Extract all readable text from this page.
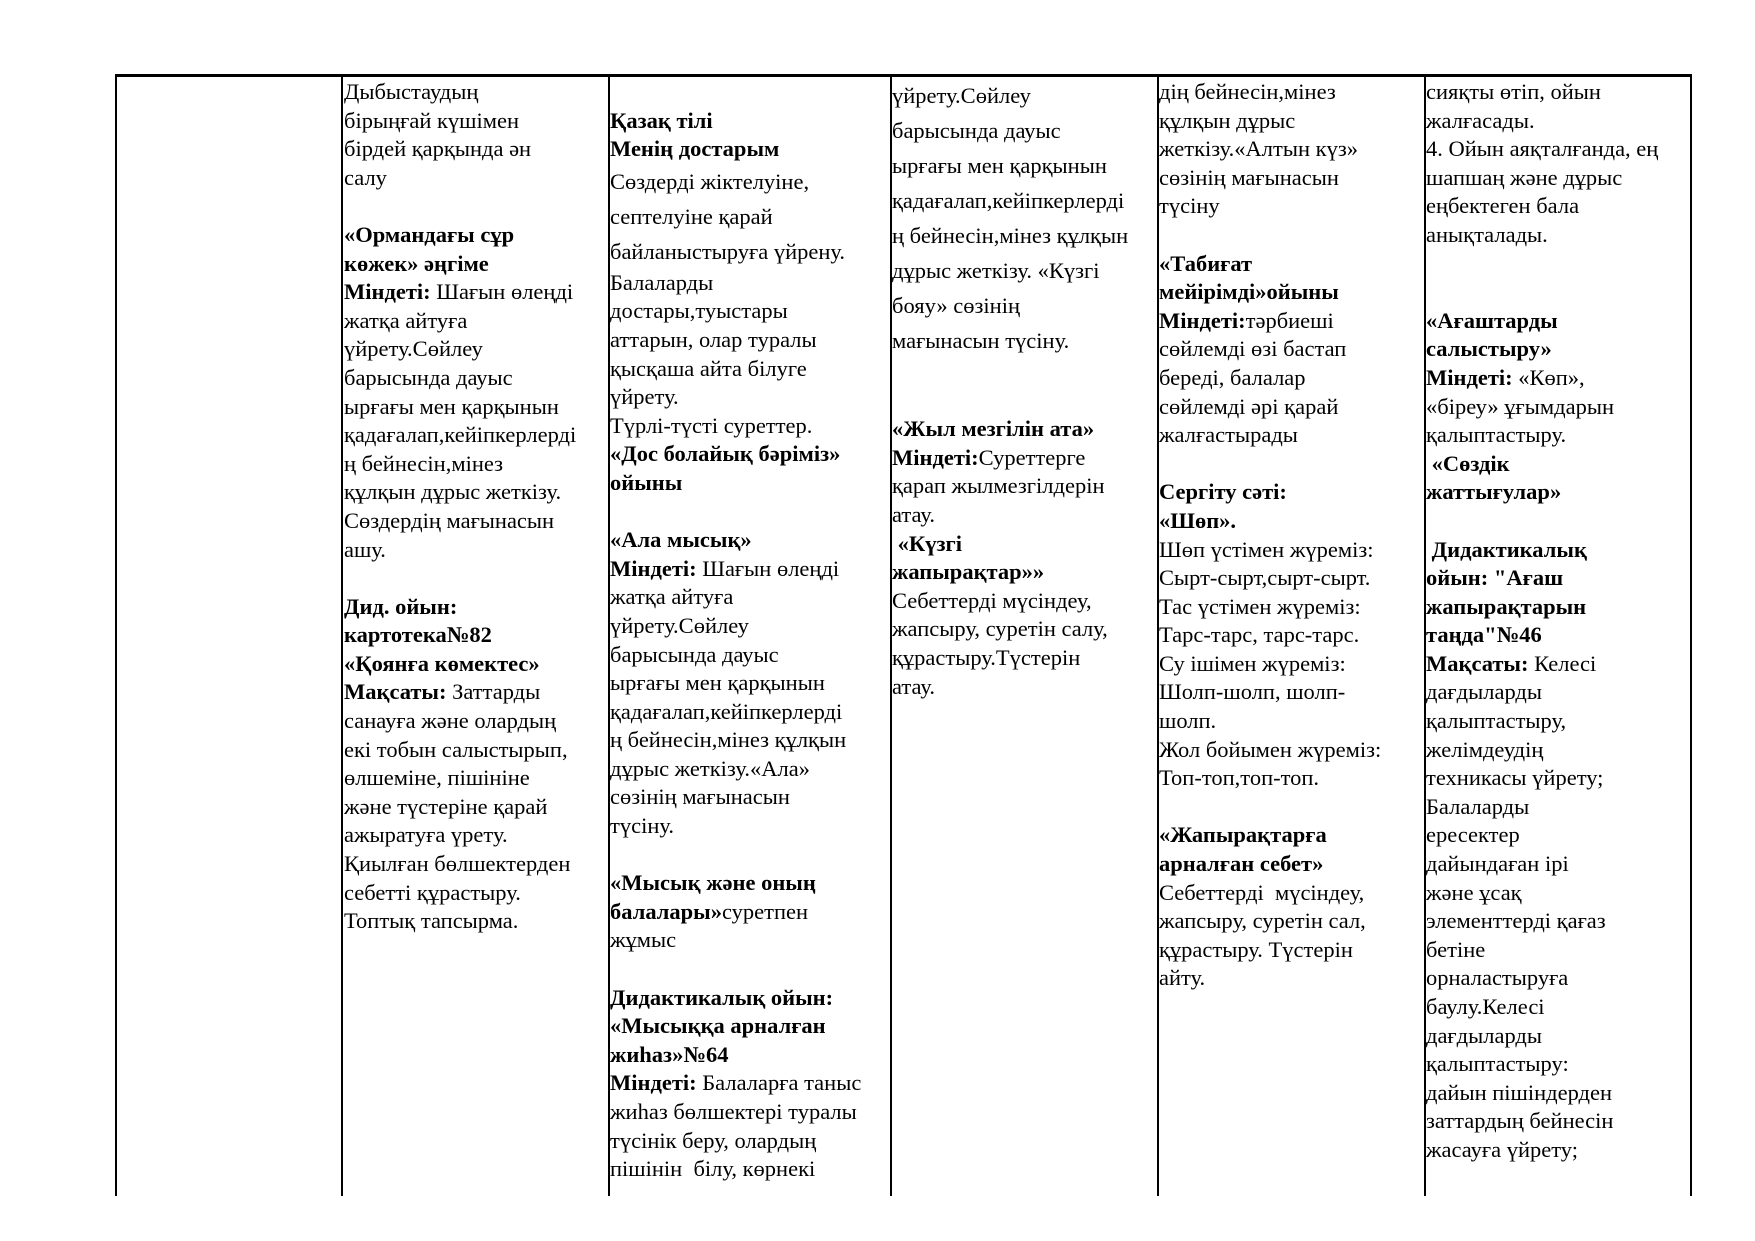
Дыбыстаудың
бірыңғай күшімен
бірдей қарқында ән
салу
«Ормандағы сұр
көжек» әңгіме
Міндеті: Шағын өлеңді
жатқа айтуға
үйрету.Сөйлеу
барысында дауыс
ырғағы мен қарқынын
қадағалап,кейіпкерлерді
ң бейнесін,мінез
құлқын дұрыс жеткізу.
Сөздердің мағынасын
ашу.
Дид. ойын:
картотека№82
«Қоянға көмектес»
Мақсаты: Заттарды
санауға және олардың
екі тобын салыстырып,
өлшеміне, пішініне
және түстеріне қарай
ажыратуға үрету.
Қиылған бөлшектерден
себетті құрастыру.
Топтық тапсырма.
Қазақ тілі
Менің достарым
Сөздерді жіктелуіне,
септелуіне қарай
байланыстыруға үйрену.
Балаларды
достары,туыстары
аттарын, олар туралы
қысқаша айта білуге
үйрету.
Түрлі-түсті суреттер.
«Дос болайық бәріміз»
ойыны
«Ала мысық»
Міндеті: Шағын өлеңді
жатқа айтуға
үйрету.Сөйлеу
барысында дауыс
ырғағы мен қарқынын
қадағалап,кейіпкерлерді
ң бейнесін,мінез құлқын
дұрыс жеткізу.«Ала»
сөзінің мағынасын
түсіну.
«Мысық және оның
балалары»суретпен
жұмыс
Дидактикалық ойын:
«Мысыққа арналған
жиһаз»№64
Міндеті: Балаларға таныс
жиһаз бөлшектері туралы
түсінік беру, олардың
пішінін  білу, көрнекі
үйрету.Сөйлеу
барысында дауыс
ырғағы мен қарқынын
қадағалап,кейіпкерлерді
ң бейнесін,мінез құлқын
дұрыс жеткізу. «Күзгі
бояу» сөзінің
мағынасын түсіну.
«Жыл мезгілін ата»
Міндеті:Суреттерге
қарап жылмезгілдерін
атау.
«Күзгі
жапырақтар»»
Себеттерді мүсіндеу,
жапсыру, суретін салу,
құрастыру.Түстерін
атау.
дің бейнесін,мінез
құлқын дұрыс
жеткізу.«Алтын күз»
сөзінің мағынасын
түсіну
«Табиғат
мейірімді»ойыны
Міндеті:тәрбиеші
сөйлемді өзі бастап
береді, балалар
сөйлемді әрі қарай
жалғастырады
Сергіту сәті:
«Шөп».
Шөп үстімен жүреміз:
Сырт-сырт,сырт-сырт.
Тас үстімен жүреміз:
Тарс-тарс, тарс-тарс.
Су ішімен жүреміз:
Шолп-шолп, шолп-
шолп.
Жол бойымен жүреміз:
Топ-топ,топ-топ.
«Жапырақтарға
арналған себет»
Себеттерді  мүсіндеу,
жапсыру, суретін сал,
құрастыру. Түстерін
айту.
сияқты өтіп, ойын
жалғасады.
4. Ойын аяқталғанда, ең
шапшаң және дұрыс
еңбектеген бала
анықталады.
«Ағаштарды
салыстыру»
Міндеті: «Көп»,
«біреу» ұғымдарын
қалыптастыру.
«Сөздік
жаттығулар»
Дидактикалық
ойын: "Ағаш
жапырақтарын
таңда"№46
Мақсаты: Келесі
дағдыларды
қалыптастыру,
желімдеудің
техникасы үйрету;
Балаларды
ересектер
дайындаған ірі
және ұсақ
элементтерді қағаз
бетіне
орналастыруға
баулу.Келесі
дағдыларды
қалыптастыру:
дайын пішіндерден
заттардың бейнесін
жасауға үйрету;
